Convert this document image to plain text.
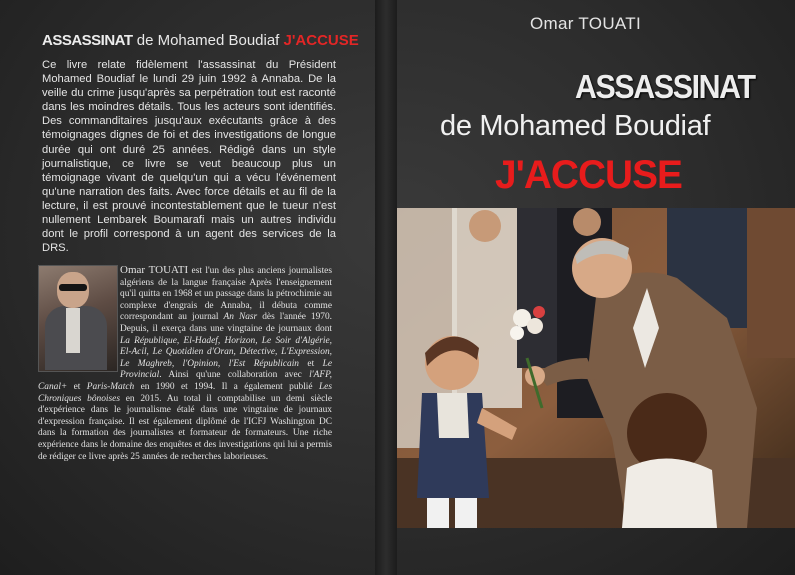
ASSASSINAT de Mohamed Boudiaf J'ACCUSE
Ce livre relate fidèlement l'assassinat du Président Mohamed Boudiaf le lundi 29 juin 1992 à Annaba. De la veille du crime jusqu'après sa perpétration tout est raconté dans les moindres détails. Tous les acteurs sont identifiés. Des commanditaires jusqu'aux exécutants grâce à des témoignages dignes de foi et des investigations de longue durée qui ont duré 25 années. Rédigé dans un style journalistique, ce livre se veut beaucoup plus un témoignage vivant de quelqu'un qui a vécu l'événement qu'une narration des faits. Avec force détails et au fil de la lecture, il est prouvé incontestablement que le tueur n'est nullement Lembarek Boumarafi mais un autres individu dont le profil correspond à un agent des services de la DRS.
Omar TOUATI est l'un des plus anciens journalistes algériens de la langue française Après l'enseignement qu'il quitta en 1968 et un passage dans la pétrochimie au complexe d'engrais de Annaba, il débuta comme correspondant au journal An Nasr dès l'année 1970. Depuis, il exerça dans une vingtaine de journaux dont La République, El-Hadef, Horizon, Le Soir d'Algérie, El-Acil, Le Quotidien d'Oran, Détective, L'Expression, Le Maghreb, l'Opinion, l'Est Républicain et Le Provincial. Ainsi qu'une collaboration avec l'AFP, Canal+ et Paris-Match en 1990 et 1994. Il a également publié Les Chroniques bônoises en 2015. Au total il comptabilise un demi siècle d'expérience dans le journalisme étalé dans une vingtaine de journaux d'expression française. Il est également diplômé de l'ICFJ Washington DC dans la formation des journalistes et formateur de formateurs. Une riche expérience dans le domaine des enquêtes et des investigations qui lui a permis de rédiger ce livre après 25 années de recherches laborieuses.
Omar TOUATI
ASSASSINAT
de Mohamed Boudiaf
J'ACCUSE
